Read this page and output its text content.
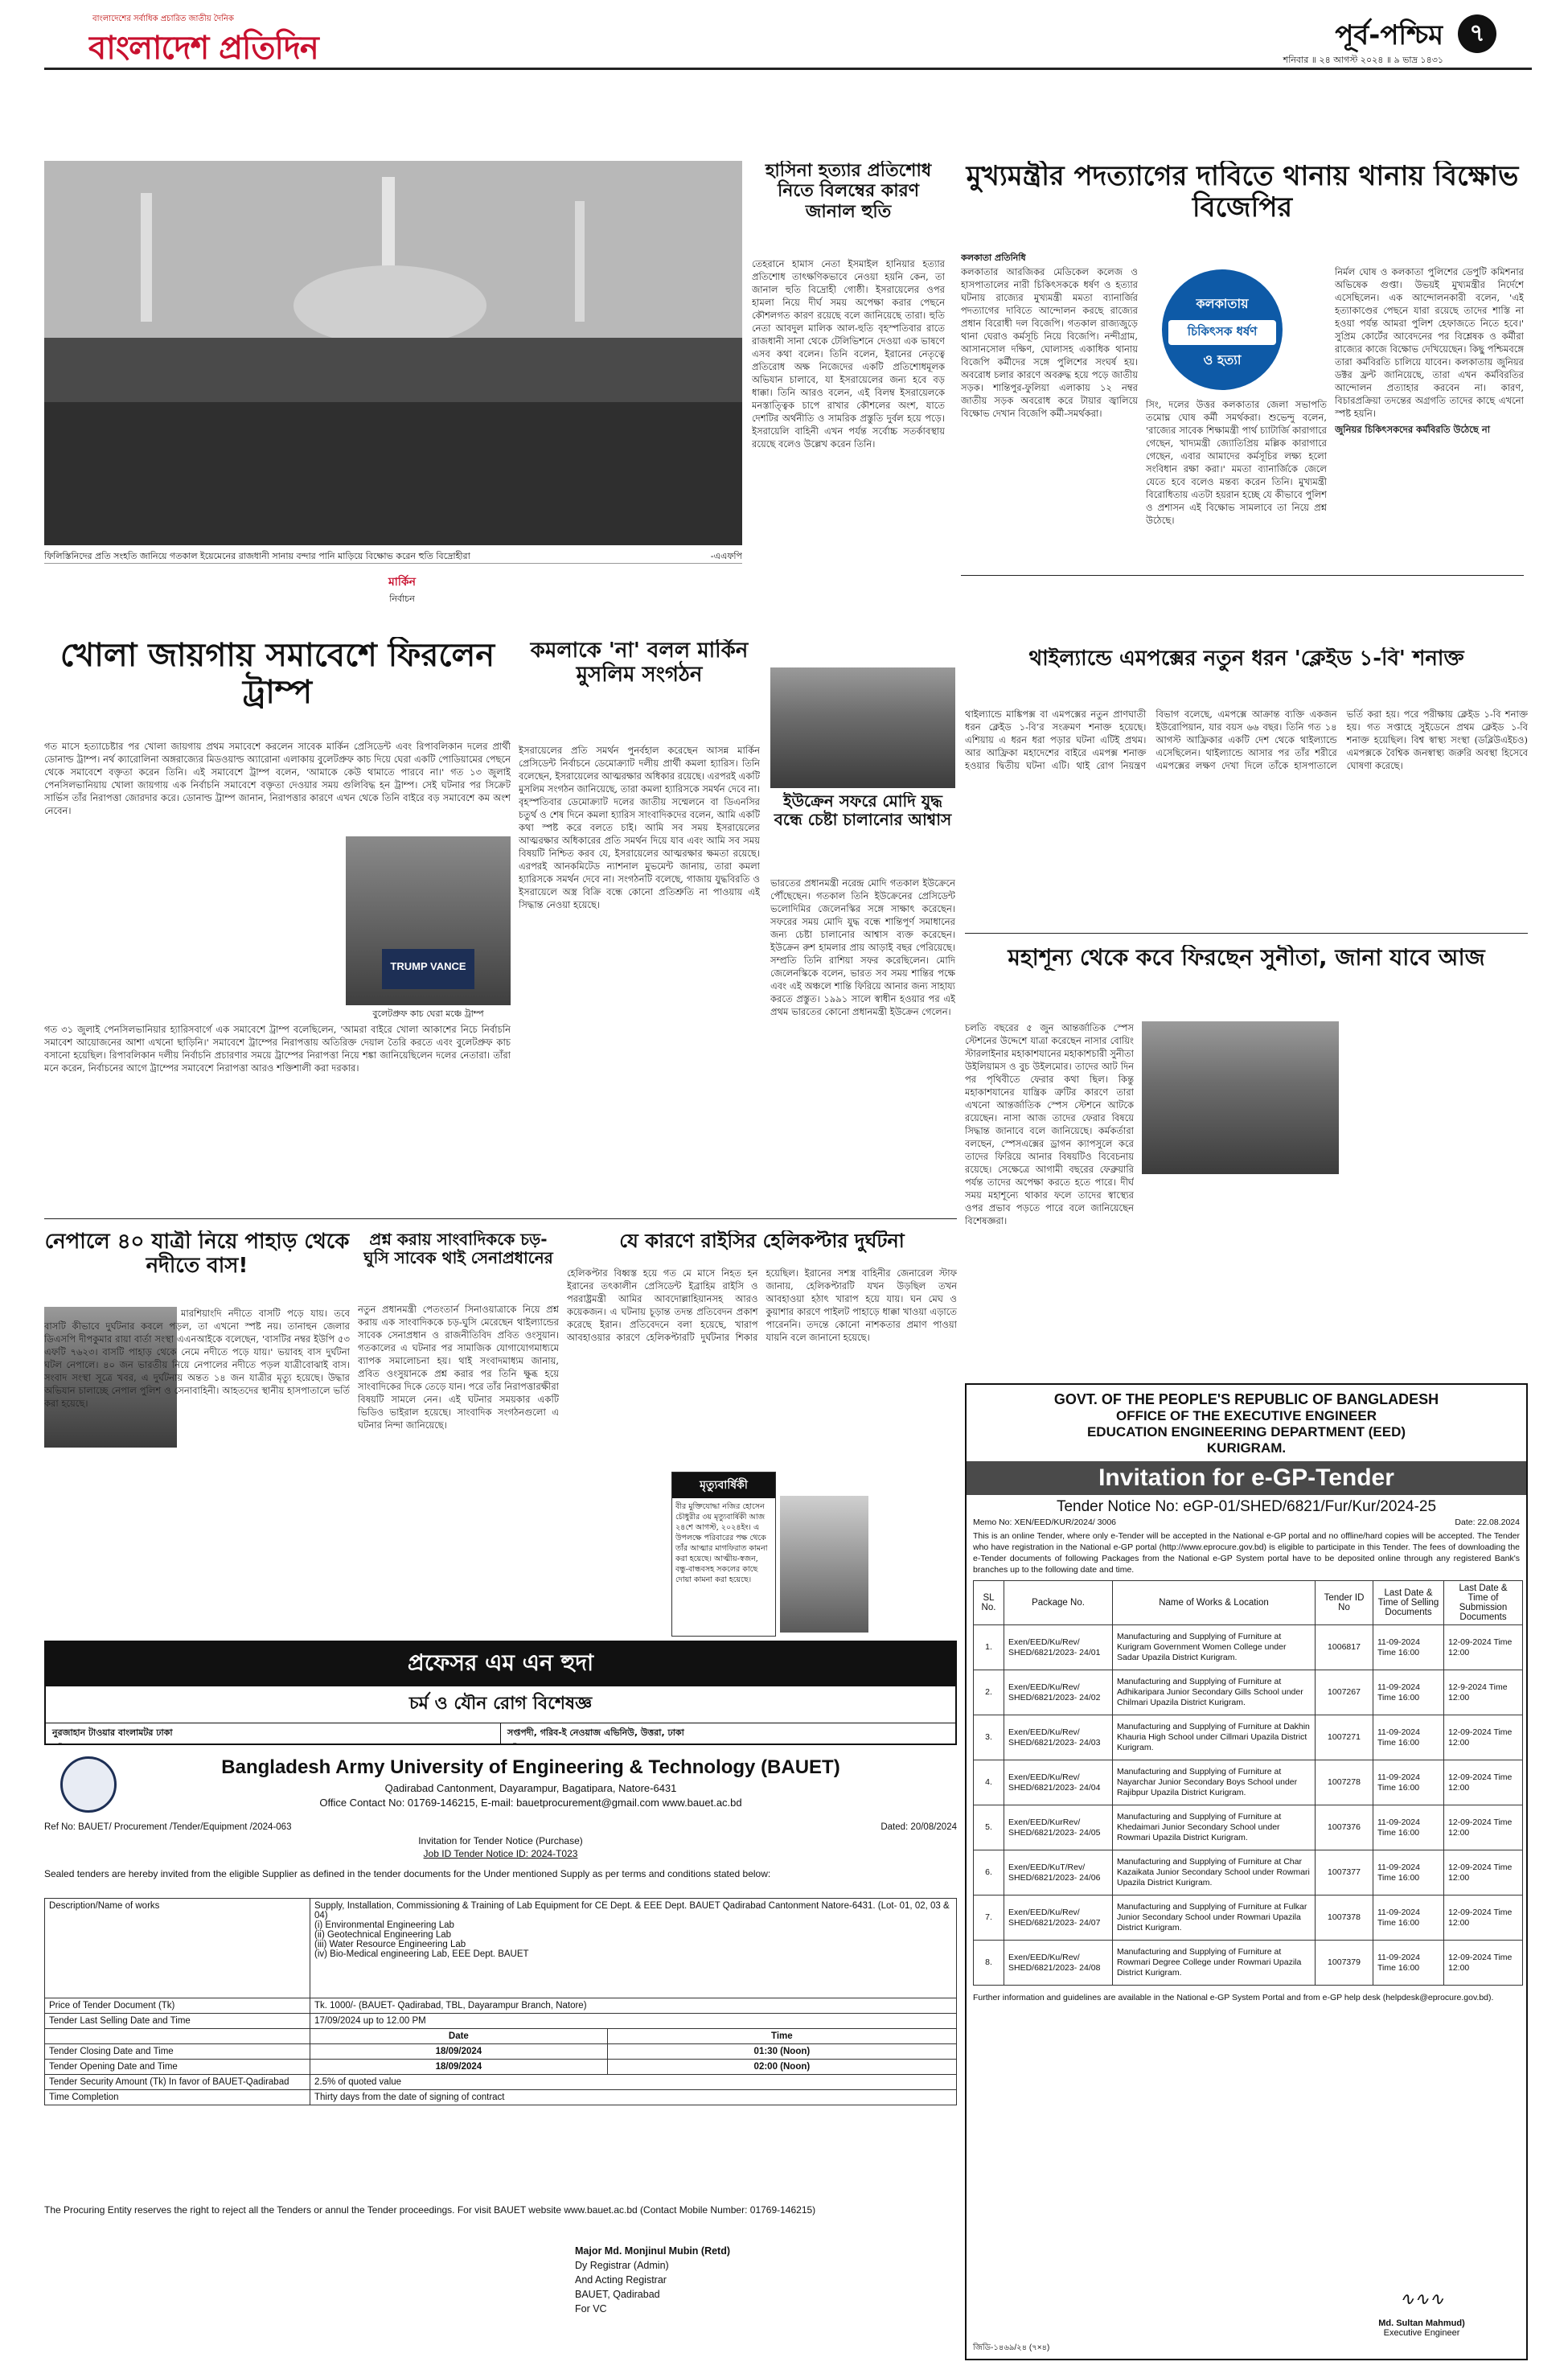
বাংলাদেশের সর্বাধিক প্রচারিত জাতীয় দৈনিক
বাংলাদেশ প্রতিদিন	পূর্ব-পশ্চিম	৭
শনিবার ॥ ২৪ আগস্ট ২০২৪ ॥ ৯ ভাদ্র ১৪৩১
ফিলিস্তিনিদের প্রতি সংহতি জানিয়ে গতকাল ইয়েমেনের রাজধানী সানায় বন্দার পানি মাড়িয়ে বিক্ষোভ করেন হুতি বিদ্রোহীরা	-এএফপি
হাসিনা হত্যার প্রতিশোধ নিতে বিলম্বের কারণ জানাল হুতি
তেহরানে হামাস নেতা ইসমাইল হানিয়ার হত্যার প্রতিশোধ তাৎক্ষণিকভাবে নেওয়া হয়নি কেন, তা জানাল হুতি বিদ্রোহী গোষ্ঠী। ইসরায়েলের ওপর হামলা নিয়ে দীর্ঘ সময় অপেক্ষা করার পেছনে কৌশলগত কারণ রয়েছে বলে জানিয়েছে তারা। হুতি নেতা আবদুল মালিক আল-হুতি বৃহস্পতিবার রাতে রাজধানী সানা থেকে টেলিভিশনে দেওয়া এক ভাষণে এসব কথা বলেন। তিনি বলেন, ইরানের নেতৃত্বে প্রতিরোধ অক্ষ নিজেদের একটি প্রতিশোধমূলক অভিযান চালাবে, যা ইসরায়েলের জন্য হবে বড় ধাক্কা। তিনি আরও বলেন, এই বিলম্ব ইসরায়েলকে মনস্তাত্ত্বিক চাপে রাখার কৌশলের অংশ, যাতে দেশটির অর্থনীতি ও সামরিক প্রস্তুতি দুর্বল হয়ে পড়ে। ইসরায়েলি বাহিনী এখন পর্যন্ত সর্বোচ্চ সতর্কাবস্থায় রয়েছে বলেও উল্লেখ করেন তিনি।
মুখ্যমন্ত্রীর পদত্যাগের দাবিতে থানায় থানায় বিক্ষোভ বিজেপির
কলকাতা প্রতিনিধি
কলকাতার আরজিকর মেডিকেল কলেজ ও হাসপাতালের নারী চিকিৎসককে ধর্ষণ ও হত্যার ঘটনায় রাজ্যের মুখ্যমন্ত্রী মমতা ব্যানার্জির পদত্যাগের দাবিতে আন্দোলন করছে রাজ্যের প্রধান বিরোধী দল বিজেপি। গতকাল রাজ্যজুড়ে থানা ঘেরাও কর্মসূচি নিয়ে বিজেপি। নন্দীগ্রাম, আসানসোল দক্ষিণ, ঘোলাসহ একাধিক থানায় বিজেপি কর্মীদের সঙ্গে পুলিশের সংঘর্ষ হয়। অবরোধ চলার কারণে অবরুদ্ধ হয়ে পড়ে জাতীয় সড়ক। শান্তিপুর-ফুলিয়া এলাকায় ১২ নম্বর জাতীয় সড়ক অবরোধ করে টায়ার জ্বালিয়ে বিক্ষোভ দেখান বিজেপি কর্মী-সমর্থকরা।
কলকাতায়
চিকিৎসক ধর্ষণ
ও হত্যা
সিং, দলের উত্তর কলকাতার জেলা সভাপতি তমোঘ্ন ঘোষ কর্মী সমর্থকরা। শুভেন্দু বলেন, 'রাজ্যের সাবেক শিক্ষামন্ত্রী পার্থ চ্যাটার্জি কারাগারে গেছেন, খাদ্যমন্ত্রী জ্যোতিপ্রিয় মল্লিক কারাগারে গেছেন, এবার আমাদের কর্মসূচির লক্ষ্য হলো সংবিধান রক্ষা করা।' মমতা ব্যানার্জিকে জেলে যেতে হবে বলেও মন্তব্য করেন তিনি। মুখ্যমন্ত্রী বিরোধিতায় এতটা হয়রান হচ্ছে যে কীভাবে পুলিশ ও প্রশাসন এই বিক্ষোভ সামলাবে তা নিয়ে প্রশ্ন উঠেছে।
নির্মল ঘোষ ও কলকাতা পুলিশের ডেপুটি কমিশনার অভিষেক গুপ্তা। উভয়ই মুখ্যমন্ত্রীর নির্দেশে এসেছিলেন। এক আন্দোলনকারী বলেন, 'এই হত্যাকাণ্ডের পেছনে যারা রয়েছে তাদের শাস্তি না হওয়া পর্যন্ত আমরা পুলিশ হেফাজতে নিতে হবে।' সুপ্রিম কোর্টের আবেদনের পর বিশ্লেষক ও কর্মীরা রাজ্যের কাজে বিক্ষোভ দেখিয়েছেন। কিছু পশ্চিমবঙ্গে তারা কর্মবিরতি চালিয়ে যাবেন। কলকাতায় জুনিয়র ডক্টর ফ্রন্ট জানিয়েছে, তারা এখন কর্মবিরতির আন্দোলন প্রত্যাহার করবেন না। কারণ, বিচারপ্রক্রিয়া তদন্তের অগ্রগতি তাদের কাছে এখনো স্পষ্ট হয়নি।
জুনিয়র চিকিৎসকদের কর্মবিরতি উঠেছে না
মার্কিন
নির্বাচন
খোলা জায়গায় সমাবেশে ফিরলেন ট্রাম্প
গত মাসে হত্যাচেষ্টার পর খোলা জায়গায় প্রথম সমাবেশে করলেন সাবেক মার্কিন প্রেসিডেন্ট এবং রিপাবলিকান দলের প্রার্থী ডোনাল্ড ট্রাম্প। নর্থ ক্যারোলিনা অঙ্গরাজ্যের মিডওয়াল্ড অ্যারোনা এলাকায় বুলেটপ্রুফ কাচ দিয়ে ঘেরা একটি পোডিয়ামের পেছনে থেকে সমাবেশে বক্তৃতা করেন তিনি। এই সমাবেশে ট্রাম্প বলেন, 'আমাকে কেউ থামাতে পারবে না।' গত ১৩ জুলাই পেনসিলভানিয়ায় খোলা জায়গায় এক নির্বাচনি সমাবেশে বক্তৃতা দেওয়ার সময় গুলিবিদ্ধ হন ট্রাম্প। সেই ঘটনার পর সিক্রেট সার্ভিস তাঁর নিরাপত্তা জোরদার করে। ডোনাল্ড ট্রাম্প জানান, নিরাপত্তার কারণে এখন থেকে তিনি বাইরে বড় সমাবেশে কম অংশ নেবেন।
TRUMP VANCE
বুলেটপ্রুফ কাচ ঘেরা মঞ্চে ট্রাম্প
গত ৩১ জুলাই পেনসিলভানিয়ার হ্যারিসবার্গে এক সমাবেশে ট্রাম্প বলেছিলেন, 'আমরা বাইরে খোলা আকাশের নিচে নির্বাচনি সমাবেশ আয়োজনের আশা এখনো ছাড়িনি।' সমাবেশে ট্রাম্পের নিরাপত্তায় অতিরিক্ত দেয়াল তৈরি করতে এবং বুলেটপ্রুফ কাচ বসানো হয়েছিল। রিপাবলিকান দলীয় নির্বাচনি প্রচারণার সময়ে ট্রাম্পের নিরাপত্তা নিয়ে শঙ্কা জানিয়েছিলেন দলের নেতারা। তাঁরা মনে করেন, নির্বাচনের আগে ট্রাম্পের সমাবেশে নিরাপত্তা আরও শক্তিশালী করা দরকার।
কমলাকে 'না' বলল মার্কিন মুসলিম সংগঠন
ইসরায়েলের প্রতি সমর্থন পুনর্বহাল করেছেন আসন্ন মার্কিন প্রেসিডেন্ট নির্বাচনে ডেমোক্র্যাট দলীয় প্রার্থী কমলা হ্যারিস। তিনি বলেছেন, ইসরায়েলের আত্মরক্ষার অধিকার রয়েছে। এরপরই একটি মুসলিম সংগঠন জানিয়েছে, তারা কমলা হ্যারিসকে সমর্থন দেবে না। বৃহস্পতিবার ডেমোক্র্যাট দলের জাতীয় সম্মেলনে বা ডিএনসির চতুর্থ ও শেষ দিনে কমলা হ্যারিস সাংবাদিকদের বলেন, আমি একটি কথা স্পষ্ট করে বলতে চাই। আমি সব সময় ইসরায়েলের আত্মরক্ষার অধিকারের প্রতি সমর্থন দিয়ে যাব এবং আমি সব সময় বিষয়টি নিশ্চিত করব যে, ইসরায়েলের আত্মরক্ষার ক্ষমতা রয়েছে। এরপরই আনকমিটেড ন্যাশনাল মুভমেন্ট জানায়, তারা কমলা হ্যারিসকে সমর্থন দেবে না। সংগঠনটি বলেছে, গাজায় যুদ্ধবিরতি ও ইসরায়েলে অস্ত্র বিক্রি বন্ধে কোনো প্রতিশ্রুতি না পাওয়ায় এই সিদ্ধান্ত নেওয়া হয়েছে।
ইউক্রেন সফরে মোদি যুদ্ধ বন্ধে চেষ্টা চালানোর আশ্বাস
ভারতের প্রধানমন্ত্রী নরেন্দ্র মোদি গতকাল ইউক্রেনে পৌঁছেছেন। গতকাল তিনি ইউক্রেনের প্রেসিডেন্ট ভলোদিমির জেলেনস্কির সঙ্গে সাক্ষাৎ করেছেন। সফরের সময় মোদি যুদ্ধ বন্ধে শান্তিপূর্ণ সমাধানের জন্য চেষ্টা চালানোর আশ্বাস ব্যক্ত করেছেন। ইউক্রেন রুশ হামলার প্রায় আড়াই বছর পেরিয়েছে। সম্প্রতি তিনি রাশিয়া সফর করেছিলেন। মোদি জেলেনস্কিকে বলেন, ভারত সব সময় শান্তির পক্ষে এবং এই অঞ্চলে শান্তি ফিরিয়ে আনার জন্য সাহায্য করতে প্রস্তুত। ১৯৯১ সালে স্বাধীন হওয়ার পর এই প্রথম ভারতের কোনো প্রধানমন্ত্রী ইউক্রেন গেলেন।
থাইল্যান্ডে এমপক্সের নতুন ধরন 'ক্লেইড ১-বি' শনাক্ত
থাইল্যান্ডে মাঙ্কিপক্স বা এমপক্সের নতুন প্রাণঘাতী ধরন ক্লেইড ১-বি’র সংক্রমণ শনাক্ত হয়েছে। এশিয়ায় এ ধরন ধরা পড়ার ঘটনা এটিই প্রথম। আর আফ্রিকা মহাদেশের বাইরে এমপক্স শনাক্ত হওয়ার দ্বিতীয় ঘটনা এটি। থাই রোগ নিয়ন্ত্রণ বিভাগ বলেছে, এমপক্সে আক্রান্ত ব্যক্তি একজন ইউরোপিয়ান, যার বয়স ৬৬ বছর। তিনি গত ১৪ আগস্ট আফ্রিকার একটি দেশ থেকে থাইল্যান্ডে এসেছিলেন। থাইল্যান্ডে আসার পর তাঁর শরীরে এমপক্সের লক্ষণ দেখা দিলে তাঁকে হাসপাতালে ভর্তি করা হয়। পরে পরীক্ষায় ক্লেইড ১-বি শনাক্ত হয়। গত সপ্তাহে সুইডেনে প্রথম ক্লেইড ১-বি শনাক্ত হয়েছিল। বিশ্ব স্বাস্থ্য সংস্থা (ডব্লিউএইচও) এমপক্সকে বৈশ্বিক জনস্বাস্থ্য জরুরি অবস্থা হিসেবে ঘোষণা করেছে।
মহাশূন্য থেকে কবে ফিরছেন সুনীতা, জানা যাবে আজ
চলতি বছরের ৫ জুন আন্তর্জাতিক স্পেস স্টেশনের উদ্দেশে যাত্রা করেছেন নাসার বোয়িং স্টারলাইনার মহাকাশযানের মহাকাশচারী সুনীতা উইলিয়ামস ও বুচ উইলমোর। তাদের আট দিন পর পৃথিবীতে ফেরার কথা ছিল। কিন্তু মহাকাশযানের যান্ত্রিক ত্রুটির কারণে তারা এখনো আন্তর্জাতিক স্পেস স্টেশনে আটকে রয়েছেন। নাসা আজ তাদের ফেরার বিষয়ে সিদ্ধান্ত জানাবে বলে জানিয়েছে। কর্মকর্তারা বলছেন, স্পেসএক্সের ড্রাগন ক্যাপসুলে করে তাদের ফিরিয়ে আনার বিষয়টিও বিবেচনায় রয়েছে। সেক্ষেত্রে আগামী বছরের ফেব্রুয়ারি পর্যন্ত তাদের অপেক্ষা করতে হতে পারে। দীর্ঘ সময় মহাশূন্যে থাকার ফলে তাদের স্বাস্থ্যের ওপর প্রভাব পড়তে পারে বলে জানিয়েছেন বিশেষজ্ঞরা।
নেপালে ৪০ যাত্রী নিয়ে পাহাড় থেকে নদীতে বাস!
মারশিয়াংদি নদীতে বাসটি পড়ে যায়। তবে বাসটি কীভাবে দুর্ঘটনার কবলে পড়ল, তা এখনো স্পষ্ট নয়। তানাহুন জেলার ডিএসপি দীপকুমার রায়া বার্তা সংস্থা এএনআইকে বলেছেন, 'বাসটির নম্বর ইউপি ৫৩ এফটি ৭৬২৩। বাসটি পাহাড় থেকে নেমে নদীতে পড়ে যায়।' ভয়াবহ বাস দুর্ঘটনা ঘটল নেপালে। ৪০ জন ভারতীয় নিয়ে নেপালের নদীতে পড়ল যাত্রীবোঝাই বাস। সংবাদ সংস্থা সূত্রে খবর, এ দুর্ঘটনায় অন্তত ১৪ জন যাত্রীর মৃত্যু হয়েছে। উদ্ধার অভিযান চালাচ্ছে নেপাল পুলিশ ও সেনাবাহিনী। আহতদের স্থানীয় হাসপাতালে ভর্তি করা হয়েছে।
প্রশ্ন করায় সাংবাদিককে চড়-ঘুসি সাবেক থাই সেনাপ্রধানের
নতুন প্রধানমন্ত্রী পেতংতার্ন সিনাওয়াত্রাকে নিয়ে প্রশ্ন করায় এক সাংবাদিককে চড়-ঘুসি মেরেছেন থাইল্যান্ডের সাবেক সেনাপ্রধান ও রাজনীতিবিদ প্রবিত ওংসুয়ান। গতকালের এ ঘটনার পর সামাজিক যোগাযোগমাধ্যমে ব্যাপক সমালোচনা হয়। থাই সংবাদমাধ্যম জানায়, প্রবিত ওংসুয়ানকে প্রশ্ন করার পর তিনি ক্ষুব্ধ হয়ে সাংবাদিকের দিকে তেড়ে যান। পরে তাঁর নিরাপত্তারক্ষীরা বিষয়টি সামলে নেন। এই ঘটনার সময়কার একটি ভিডিও ভাইরাল হয়েছে। সাংবাদিক সংগঠনগুলো এ ঘটনার নিন্দা জানিয়েছে।
যে কারণে রাইসির হেলিকপ্টার দুর্ঘটনা
হেলিকপ্টার বিধ্বস্ত হয়ে গত মে মাসে নিহত হন ইরানের তৎকালীন প্রেসিডেন্ট ইব্রাহিম রাইসি ও পররাষ্ট্রমন্ত্রী আমির আবদোল্লাহিয়ানসহ আরও কয়েকজন। এ ঘটনায় চূড়ান্ত তদন্ত প্রতিবেদন প্রকাশ করেছে ইরান। প্রতিবেদনে বলা হয়েছে, খারাপ আবহাওয়ার কারণে হেলিকপ্টারটি দুর্ঘটনার শিকার হয়েছিল। ইরানের সশস্ত্র বাহিনীর জেনারেল স্টাফ জানায়, হেলিকপ্টারটি যখন উড়ছিল তখন আবহাওয়া হঠাৎ খারাপ হয়ে যায়। ঘন মেঘ ও কুয়াশার কারণে পাইলট পাহাড়ে ধাক্কা খাওয়া এড়াতে পারেননি। তদন্তে কোনো নাশকতার প্রমাণ পাওয়া যায়নি বলে জানানো হয়েছে।
মৃত্যুবার্ষিকী
বীর মুক্তিযোদ্ধা নজির হোসেন চৌধুরীর ৩য় মৃত্যুবার্ষিকী আজ ২৪শে আগস্ট, ২০২৪ইং। এ উপলক্ষে পরিবারের পক্ষ থেকে তাঁর আত্মার মাগফিরাত কামনা করা হয়েছে। আত্মীয়-স্বজন, বন্ধু-বান্ধবসহ সকলের কাছে দোয়া কামনা করা হয়েছে।
প্রফেসর এম এন হুদা
চর্ম ও যৌন রোগ বিশেষজ্ঞ
নুরজাহান টাওয়ার বাংলামটর ঢাকা	সপ্তপদী, গরিব-ই নেওয়াজ এভিনিউ, উত্তরা, ঢাকা
Bangladesh Army University of Engineering & Technology (BAUET)
Qadirabad Cantonment, Dayarampur, Bagatipara, Natore-6431
Office Contact No: 01769-146215, E-mail: bauetprocurement@gmail.com www.bauet.ac.bd
Ref No: BAUET/ Procurement /Tender/Equipment /2024-063	Dated: 20/08/2024
Invitation for Tender Notice (Purchase)
Job ID Tender Notice ID: 2024-T023
Sealed tenders are hereby invited from the eligible Supplier as defined in the tender documents for the Under mentioned Supply as per terms and conditions stated below:
Description/Name of works	Supply, Installation, Commissioning & Training of Lab Equipment for CE Dept. & EEE Dept. BAUET Qadirabad Cantonment Natore-6431. (Lot- 01, 02, 03 & 04)
(i) Environmental Engineering Lab
(ii) Geotechnical Engineering Lab
(iii) Water Resource Engineering Lab
(iv) Bio-Medical engineering Lab, EEE Dept. BAUET	
Price of Tender Document (Tk)	Tk. 1000/- (BAUET- Qadirabad, TBL, Dayarampur Branch, Natore)	
Tender Last Selling Date and Time	17/09/2024 up to 12.00 PM	
	Date	Time
Tender Closing Date and Time	18/09/2024	01:30 (Noon)
Tender Opening Date and Time	18/09/2024	02:00 (Noon)
Tender Security Amount (Tk) In favor of BAUET-Qadirabad	2.5% of quoted value	
Time Completion	Thirty days from the date of signing of contract	
The Procuring Entity reserves the right to reject all the Tenders or annul the Tender proceedings. For visit BAUET website www.bauet.ac.bd (Contact Mobile Number: 01769-146215)
Major Md. Monjinul Mubin (Retd)
Dy Registrar (Admin)
And Acting Registrar
BAUET, Qadirabad
For VC
GOVT. OF THE PEOPLE'S REPUBLIC OF BANGLADESH
OFFICE OF THE EXECUTIVE ENGINEER
EDUCATION ENGINEERING DEPARTMENT (EED)
KURIGRAM.
Invitation for e-GP-Tender
Tender Notice No: eGP-01/SHED/6821/Fur/Kur/2024-25
Memo No: XEN/EED/KUR/2024/ 3006	Date: 22.08.2024
This is an online Tender, where only e-Tender will be accepted in the National e-GP portal and no offline/hard copies will be accepted. The Tender who have registration in the National e-GP portal (http://www.eprocure.gov.bd) is eligible to participate in this Tender. The fees of downloading the e-Tender documents of following Packages from the National e-GP System portal have to be deposited online through any registered Bank's branches up to the following date and time.
SL No.	Package No.	Name of Works & Location	Tender ID No	Last Date & Time of Selling Documents	Last Date & Time of Submission Documents
1.	Exen/EED/Ku/Rev/ SHED/6821/2023- 24/01	Manufacturing and Supplying of Furniture at Kurigram Government Women College under Sadar Upazila District Kurigram.	1006817	11-09-2024 Time 16:00	12-09-2024 Time 12:00
2.	Exen/EED/Ku/Rev/ SHED/6821/2023- 24/02	Manufacturing and Supplying of Furniture at Adhikaripara Junior Secondary Gills School under Chilmari Upazila District Kurigram.	1007267	11-09-2024 Time 16:00	12-9-2024 Time 12:00
3.	Exen/EED/Ku/Rev/ SHED/6821/2023- 24/03	Manufacturing and Supplying of Furniture at Dakhin Khauria High School under Cillmari Upazila District Kurigram.	1007271	11-09-2024 Time 16:00	12-09-2024 Time 12:00
4.	Exen/EED/Ku/Rev/ SHED/6821/2023- 24/04	Manufacturing and Supplying of Furniture at Nayarchar Junior Secondary Boys School under Rajibpur Upazila District Kurigram.	1007278	11-09-2024 Time 16:00	12-09-2024 Time 12:00
5.	Exen/EED/KurRev/ SHED/6821/2023- 24/05	Manufacturing and Supplying of Furniture at Khedaimari Junior Secondary School under Rowmari Upazila District Kurigram.	1007376	11-09-2024 Time 16:00	12-09-2024 Time 12:00
6.	Exen/EED/KuT/Rev/ SHED/6821/2023- 24/06	Manufacturing and Supplying of Furniture at Char Kazaikata Junior Secondary School under Rowmari Upazila District Kurigram.	1007377	11-09-2024 Time 16:00	12-09-2024 Time 12:00
7.	Exen/EED/Ku/Rev/ SHED/6821/2023- 24/07	Manufacturing and Supplying of Furniture at Fulkar Junior Secondary School under Rowmari Upazila District Kurigram.	1007378	11-09-2024 Time 16:00	12-09-2024 Time 12:00
8.	Exen/EED/Ku/Rev/ SHED/6821/2023- 24/08	Manufacturing and Supplying of Furniture at Rowmari Degree College under Rowmari Upazila District Kurigram.	1007379	11-09-2024 Time 16:00	12-09-2024 Time 12:00
Further information and guidelines are available in the National e-GP System Portal and from e-GP help desk (helpdesk@eprocure.gov.bd).
∿∿∿
Md. Sultan Mahmud)
Executive Engineer
জিডি-১৪৬৯/২৪ (৭×৪)
